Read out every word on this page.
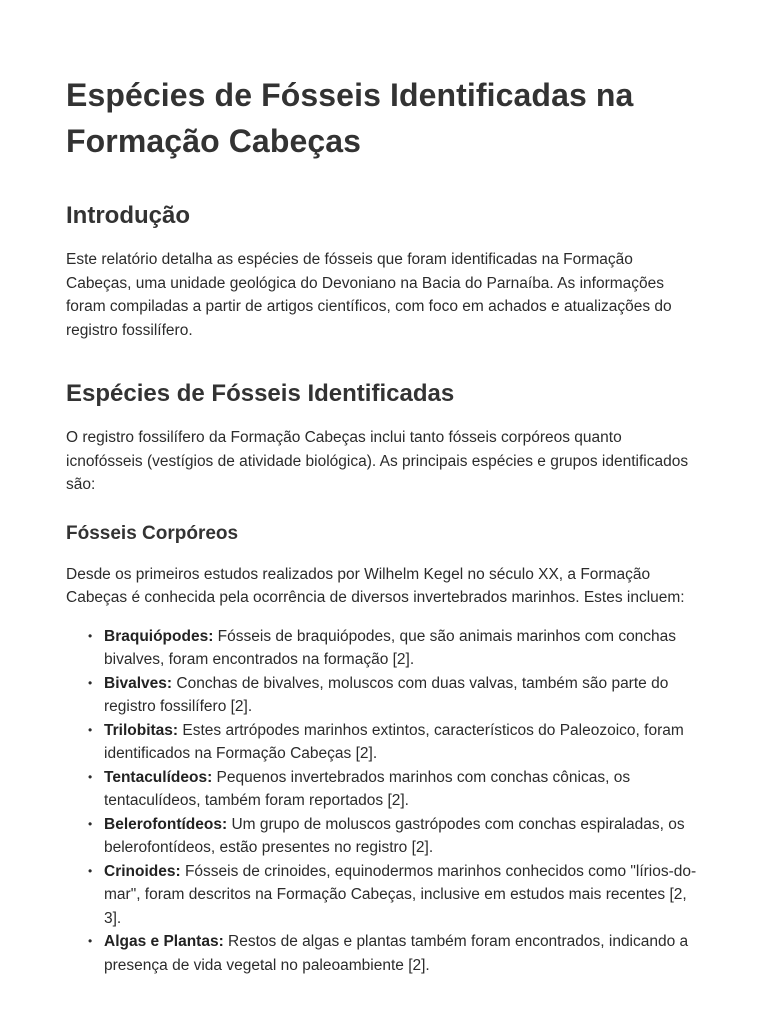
Espécies de Fósseis Identificadas na Formação Cabeças
Introdução

Este relatório detalha as espécies de fósseis que foram identificadas na Formação Cabeças, uma unidade geológica do Devoniano na Bacia do Parnaíba. As informações foram compiladas a partir de artigos científicos, com foco em achados e atualizações do registro fossilífero.

Espécies de Fósseis Identificadas

O registro fossilífero da Formação Cabeças inclui tanto fósseis corpóreos quanto icnofósseis (vestígios de atividade biológica). As principais espécies e grupos identificados são:

Fósseis Corpóreos

Desde os primeiros estudos realizados por Wilhelm Kegel no século XX, a Formação Cabeças é conhecida pela ocorrência de diversos invertebrados marinhos. Estes incluem:

• Braquiópodes: Fósseis de braquiópodes, que são animais marinhos com conchas bivalves, foram encontrados na formação [2].
• Bivalves: Conchas de bivalves, moluscos com duas valvas, também são parte do registro fossilífero [2].
• Trilobitas: Estes artrópodes marinhos extintos, característicos do Paleozoico, foram identificados na Formação Cabeças [2].
• Tentaculídeos: Pequenos invertebrados marinhos com conchas cônicas, os tentaculídeos, também foram reportados [2].
• Belerofontídeos: Um grupo de moluscos gastrópodes com conchas espiraladas, os belerofontídeos, estão presentes no registro [2].
• Crinoides: Fósseis de crinoides, equinodermos marinhos conhecidos como "lírios-do-mar", foram descritos na Formação Cabeças, inclusive em estudos mais recentes [2, 3].
• Algas e Plantas: Restos de algas e plantas também foram encontrados, indicando a presença de vida vegetal no paleoambiente [2].
